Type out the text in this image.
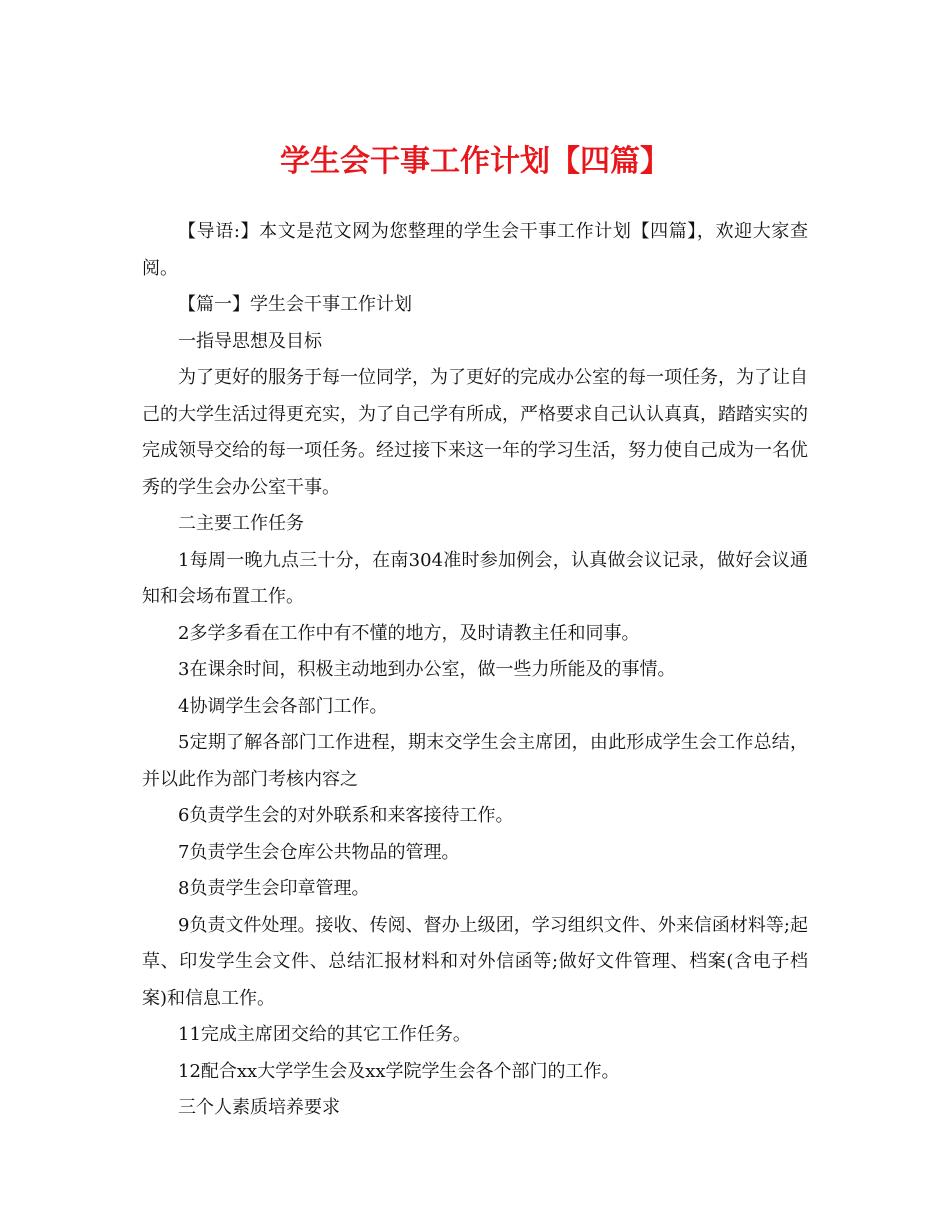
学生会干事工作计划【四篇】

【导语:】本文是范文网为您整理的学生会干事工作计划【四篇】，欢迎大家查阅。

【篇一】学生会干事工作计划

一指导思想及目标

为了更好的服务于每一位同学，为了更好的完成办公室的每一项任务，为了让自己的大学生活过得更充实，为了自己学有所成，严格要求自己认认真真，踏踏实实的完成领导交给的每一项任务。经过接下来这一年的学习生活，努力使自己成为一名优秀的学生会办公室干事。

二主要工作任务

1每周一晚九点三十分，在南304准时参加例会，认真做会议记录，做好会议通知和会场布置工作。

2多学多看在工作中有不懂的地方，及时请教主任和同事。

3在课余时间，积极主动地到办公室，做一些力所能及的事情。

4协调学生会各部门工作。

5定期了解各部门工作进程，期末交学生会主席团，由此形成学生会工作总结，并以此作为部门考核内容之

6负责学生会的对外联系和来客接待工作。

7负责学生会仓库公共物品的管理。

8负责学生会印章管理。

9负责文件处理。接收、传阅、督办上级团，学习组织文件、外来信函材料等;起草、印发学生会文件、总结汇报材料和对外信函等;做好文件管理、档案(含电子档案)和信息工作。

11完成主席团交给的其它工作任务。

12配合xx大学学生会及xx学院学生会各个部门的工作。

三个人素质培养要求
